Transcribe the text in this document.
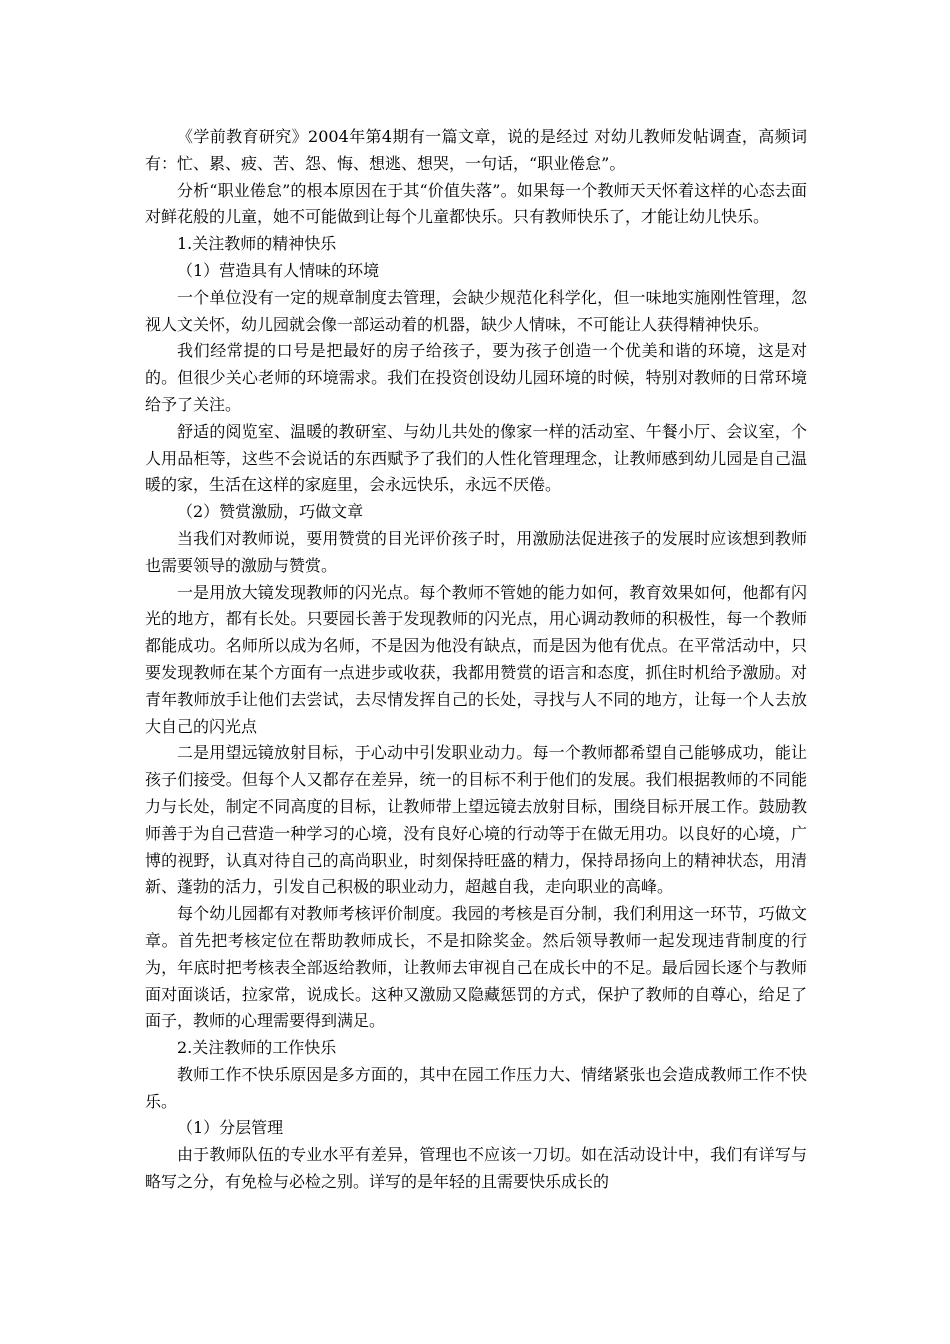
《学前教育研究》2004年第4期有一篇文章，说的是经过 对幼儿教师发帖调查，高频词有：忙、累、疲、苦、怨、悔、想逃、想哭，一句话，“职业倦怠”。

分析“职业倦怠”的根本原因在于其“价值失落”。如果每一个教师天天怀着这样的心态去面对鲜花般的儿童，她不可能做到让每个儿童都快乐。只有教师快乐了，才能让幼儿快乐。

1.关注教师的精神快乐

（1）营造具有人情味的环境

一个单位没有一定的规章制度去管理，会缺少规范化科学化，但一味地实施刚性管理，忽视人文关怀，幼儿园就会像一部运动着的机器，缺少人情味，不可能让人获得精神快乐。

我们经常提的口号是把最好的房子给孩子，要为孩子创造一个优美和谐的环境，这是对的。但很少关心老师的环境需求。我们在投资创设幼儿园环境的时候，特别对教师的日常环境给予了关注。

舒适的阅览室、温暖的教研室、与幼儿共处的像家一样的活动室、午餐小厅、会议室，个人用品柜等，这些不会说话的东西赋予了我们的人性化管理理念，让教师感到幼儿园是自己温暖的家，生活在这样的家庭里，会永远快乐，永远不厌倦。

（2）赞赏激励，巧做文章

当我们对教师说，要用赞赏的目光评价孩子时，用激励法促进孩子的发展时应该想到教师也需要领导的激励与赞赏。

一是用放大镜发现教师的闪光点。每个教师不管她的能力如何，教育效果如何，他都有闪光的地方，都有长处。只要园长善于发现教师的闪光点，用心调动教师的积极性，每一个教师都能成功。名师所以成为名师，不是因为他没有缺点，而是因为他有优点。在平常活动中，只要发现教师在某个方面有一点进步或收获，我都用赞赏的语言和态度，抓住时机给予激励。对青年教师放手让他们去尝试，去尽情发挥自己的长处，寻找与人不同的地方，让每一个人去放大自己的闪光点

二是用望远镜放射目标，于心动中引发职业动力。每一个教师都希望自己能够成功，能让孩子们接受。但每个人又都存在差异，统一的目标不利于他们的发展。我们根据教师的不同能力与长处，制定不同高度的目标，让教师带上望远镜去放射目标，围绕目标开展工作。鼓励教师善于为自己营造一种学习的心境，没有良好心境的行动等于在做无用功。以良好的心境，广博的视野，认真对待自己的高尚职业，时刻保持旺盛的精力，保持昂扬向上的精神状态，用清新、蓬勃的活力，引发自己积极的职业动力，超越自我，走向职业的高峰。

每个幼儿园都有对教师考核评价制度。我园的考核是百分制，我们利用这一环节，巧做文章。首先把考核定位在帮助教师成长，不是扣除奖金。然后领导教师一起发现违背制度的行为，年底时把考核表全部返给教师，让教师去审视自己在成长中的不足。最后园长逐个与教师面对面谈话，拉家常，说成长。这种又激励又隐藏惩罚的方式，保护了教师的自尊心，给足了面子，教师的心理需要得到满足。

2.关注教师的工作快乐

教师工作不快乐原因是多方面的，其中在园工作压力大、情绪紧张也会造成教师工作不快乐。

（1）分层管理

由于教师队伍的专业水平有差异，管理也不应该一刀切。如在活动设计中，我们有详写与略写之分，有免检与必检之别。详写的是年轻的且需要快乐成长的
